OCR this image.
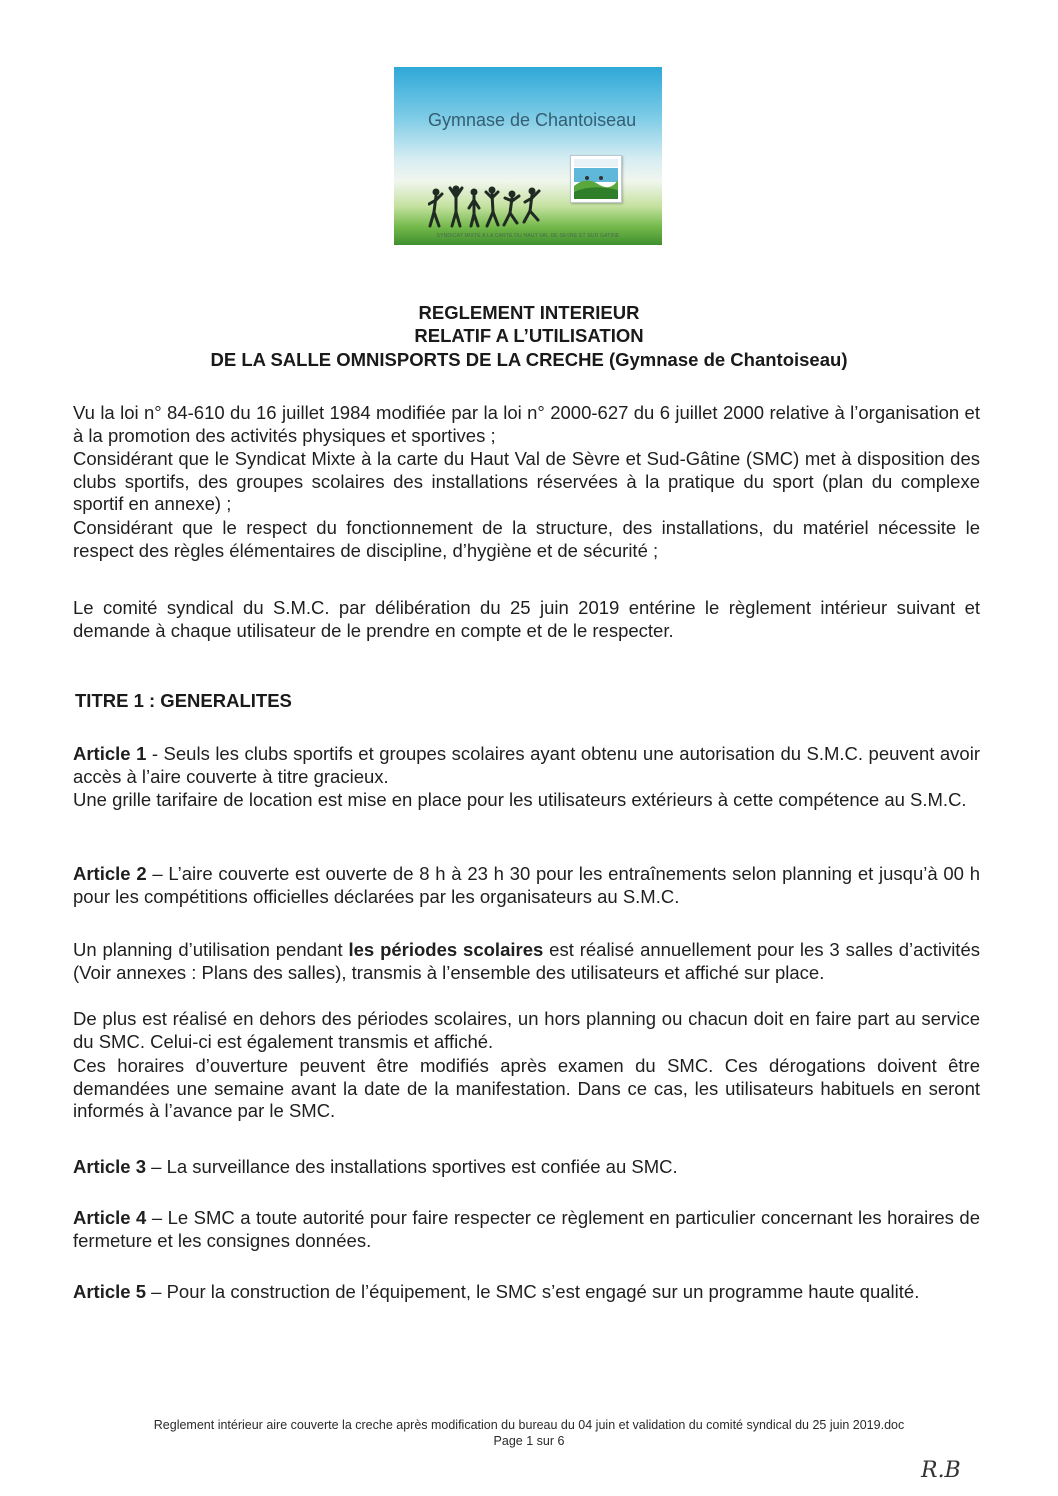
Gymnase de Chantoiseau
SYNDICAT MIXTE A LA CARTE DU HAUT VAL DE SEVRE ET SUD GATINE
REGLEMENT INTERIEUR
RELATIF A L’UTILISATION
DE LA SALLE OMNISPORTS DE LA CRECHE (Gymnase de Chantoiseau)

Vu la loi n° 84-610 du 16 juillet 1984 modifiée par la loi n° 2000-627 du 6 juillet 2000 relative à l’organisation et à la promotion des activités physiques et sportives ;

Considérant que le Syndicat Mixte à la carte du Haut Val de Sèvre et Sud-Gâtine (SMC) met à disposition des clubs sportifs, des groupes scolaires des installations réservées à la pratique du sport (plan du complexe sportif en annexe) ;

Considérant que le respect du fonctionnement de la structure, des installations, du matériel nécessite le respect des règles élémentaires de discipline, d’hygiène et de sécurité ;

Le comité syndical du S.M.C. par délibération du 25 juin 2019 entérine le règlement intérieur suivant et demande à chaque utilisateur de le prendre en compte et de le respecter.

TITRE 1 : GENERALITES

Article 1 - Seuls les clubs sportifs et groupes scolaires ayant obtenu une autorisation du S.M.C. peuvent avoir accès à l’aire couverte à titre gracieux.

Une grille tarifaire de location est mise en place pour les utilisateurs extérieurs à cette compétence au S.M.C.

Article 2 – L’aire couverte est ouverte de 8 h à 23 h 30 pour les entraînements selon planning et jusqu’à 00 h pour les compétitions officielles déclarées par les organisateurs au S.M.C.

Un planning d’utilisation pendant les périodes scolaires est réalisé annuellement pour les 3 salles d’activités (Voir annexes : Plans des salles), transmis à l’ensemble des utilisateurs et affiché sur place.

De plus est réalisé en dehors des périodes scolaires, un hors planning ou chacun doit en faire part au service du SMC. Celui-ci est également transmis et affiché.

Ces horaires d’ouverture peuvent être modifiés après examen du SMC. Ces dérogations doivent être demandées une semaine avant la date de la manifestation. Dans ce cas, les utilisateurs habituels en seront informés à l’avance par le SMC.

Article 3 – La surveillance des installations sportives est confiée au SMC.

Article 4 – Le SMC a toute autorité pour faire respecter ce règlement en particulier concernant les horaires de fermeture et les consignes données.

Article 5 – Pour la construction de l’équipement, le SMC s’est engagé sur un programme haute qualité.

Reglement intérieur aire couverte la creche après modification du bureau du 04 juin et validation du comité syndical du 25 juin 2019.doc
Page 1 sur 6
R.B
